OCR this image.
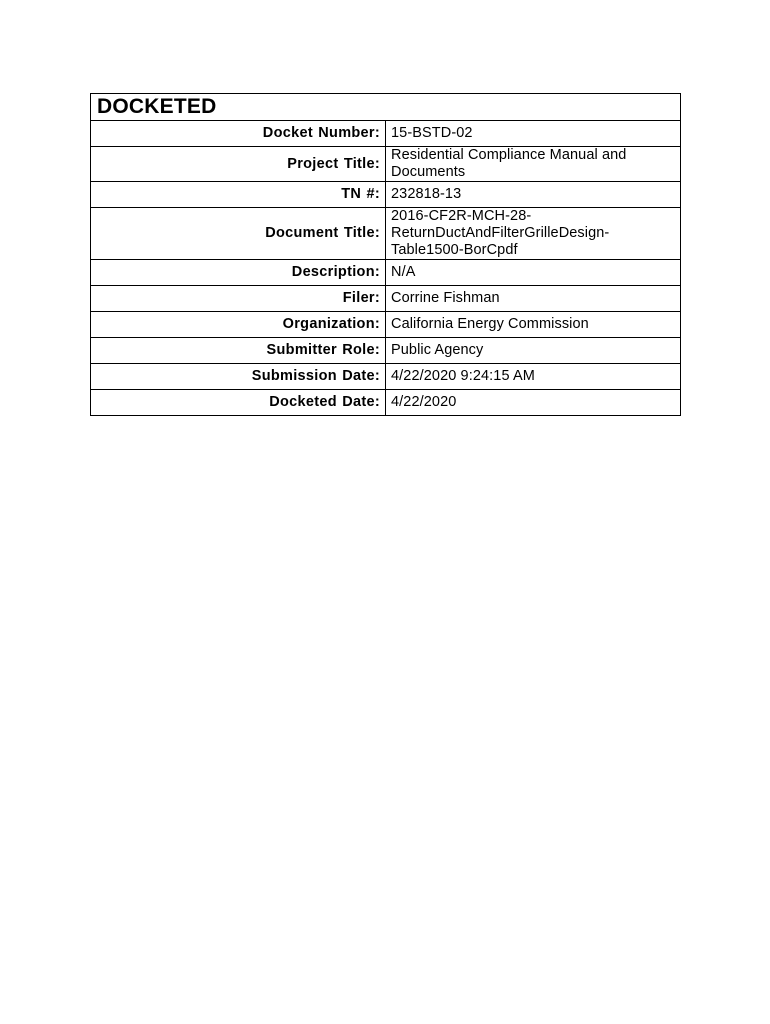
DOCKETED	
Docket Number:	15-BSTD-02
Project Title:	Residential Compliance Manual and Documents
TN #:	232818-13
Document Title:	2016-CF2R-MCH-28-ReturnDuctAndFilterGrilleDesign-
Table1500-BorCpdf

Description:	N/A
Filer:	Corrine Fishman
Organization:	California Energy Commission
Submitter Role:	Public Agency
Submission Date:	4/22/2020 9:24:15 AM
Docketed Date:	4/22/2020
